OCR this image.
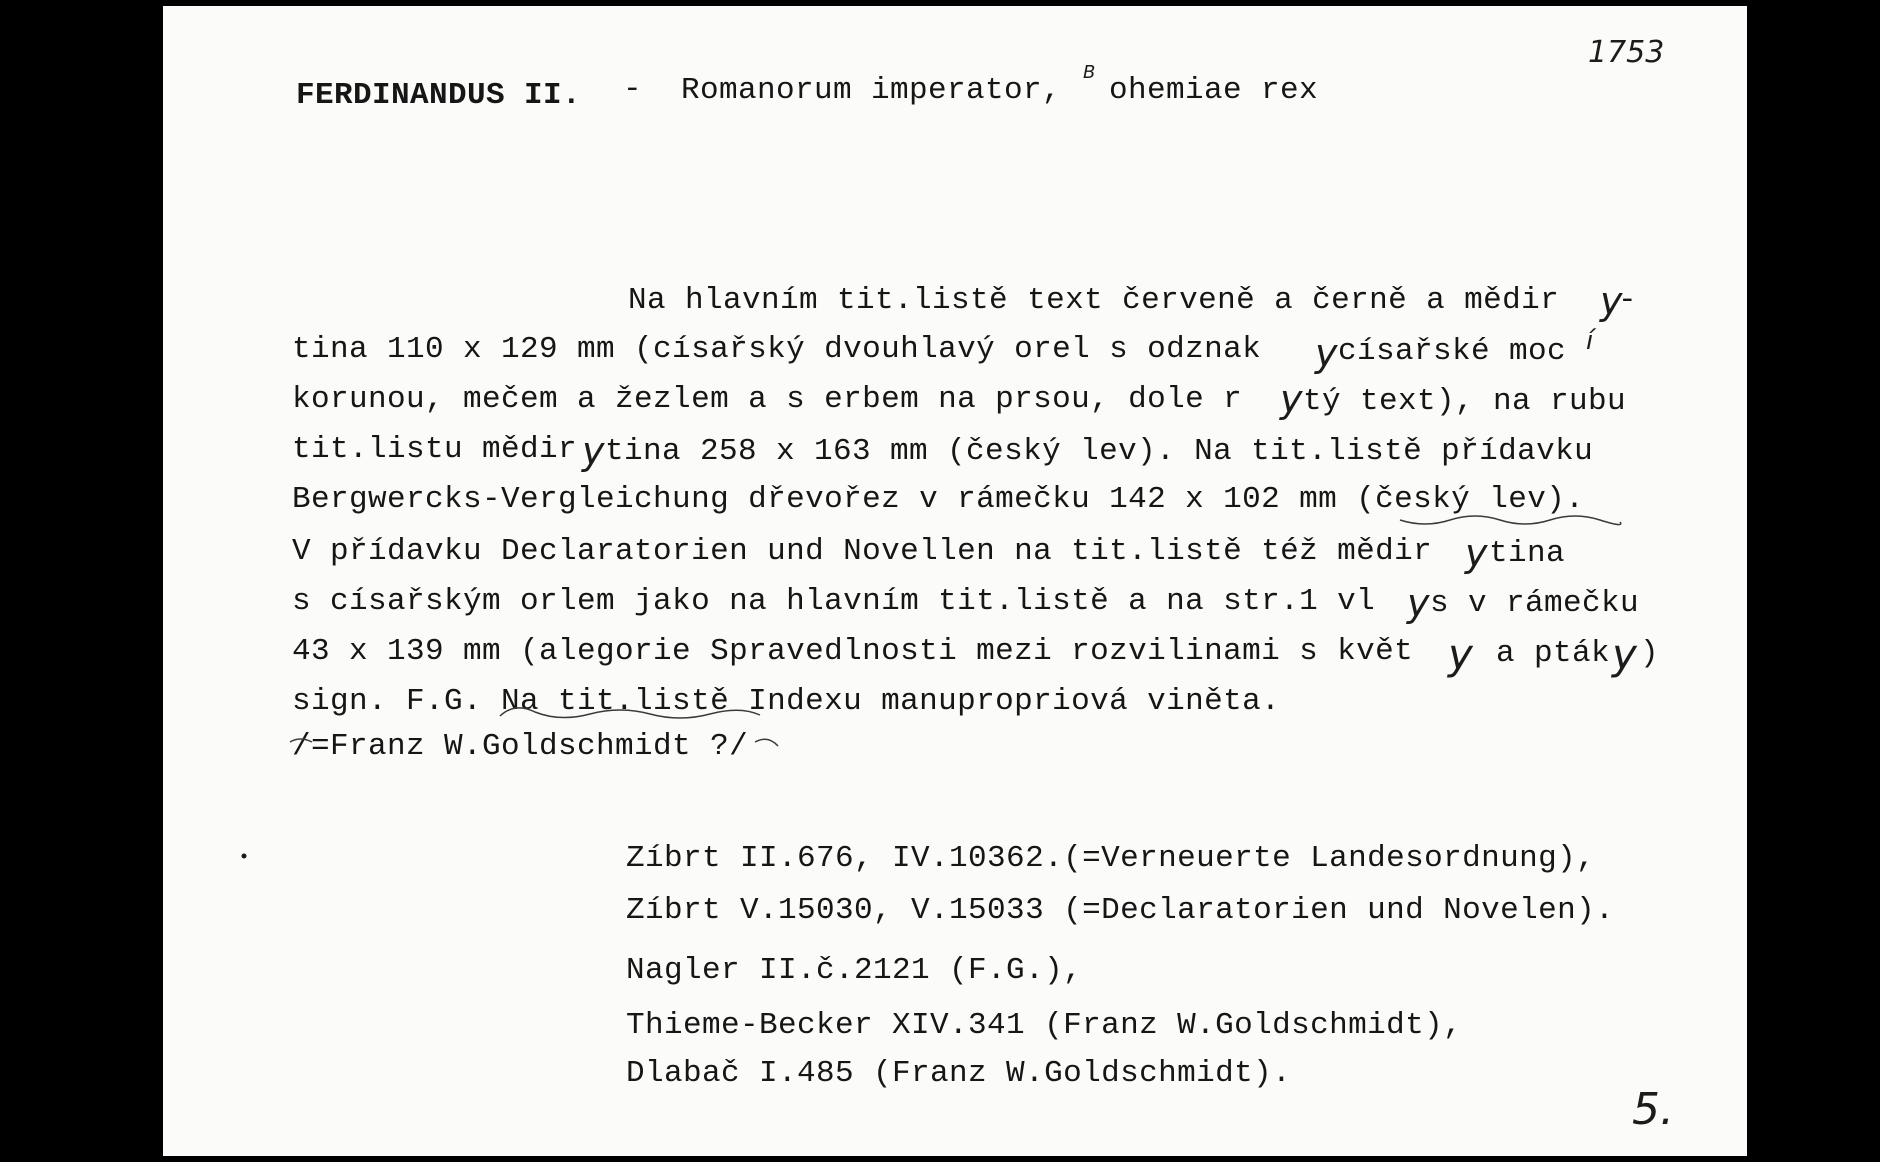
1753
FERDINANDUS II. - Romanorum imperator,
B
ohemiae rex
Na hlavním tit.listě text červeně a černě a mědir y
-
tina 110 x 129 mm (císařský dvouhlavý orel s odznak y císařské moc í
korunou, mečem a žezlem a s erbem na prsou, dole r y tý text), na rubu
tit.listu mědir y tina 258 x 163 mm (český lev). Na tit.listě přídavku
Bergwercks-Vergleichung dřevořez v rámečku 142 x 102 mm (český lev).
V přídavku Declaratorien und Novellen na tit.listě též mědir y tina
s císařským orlem jako na hlavním tit.listě a na str.1 vl y s v rámečku
43 x 139 mm (alegorie Spravedlnosti mezi rozvilinami s květ y a pták y )
sign. F.G. Na tit.listě Indexu manupropriová viněta.
/=Franz W.Goldschmidt ?/
Zíbrt II.676, IV.10362.(=Verneuerte Landesordnung),
Zíbrt V.15030, V.15033 (=Declaratorien und Novelen).
Nagler II.č.2121 (F.G.),
Thieme-Becker XIV.341 (Franz W.Goldschmidt),
Dlabač I.485 (Franz W.Goldschmidt).
5.
